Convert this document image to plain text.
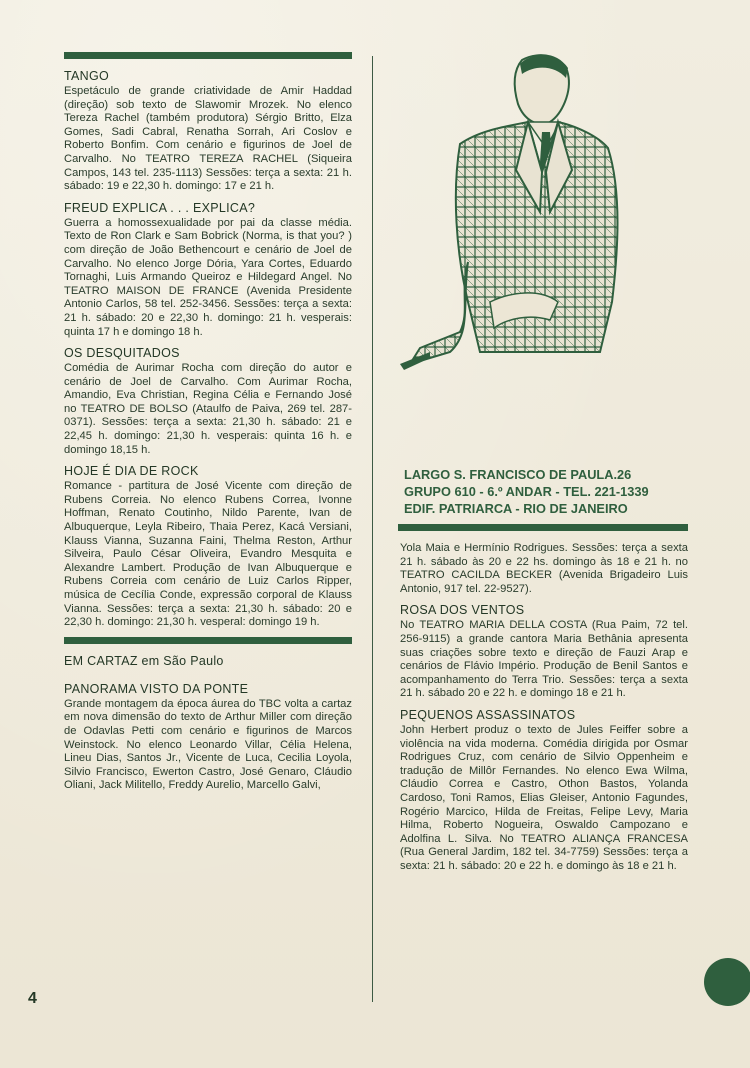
TANGO
Espetáculo de grande criatividade de Amir Haddad (direção) sob texto de Slawomir Mrozek. No elenco Tereza Rachel (também produtora) Sérgio Britto, Elza Gomes, Sadi Cabral, Renatha Sorrah, Ari Coslov e Roberto Bonfim. Com cenário e figurinos de Joel de Carvalho. No TEATRO TEREZA RACHEL (Siqueira Campos, 143 tel. 235-1113) Sessões: terça a sexta: 21 h. sábado: 19 e 22,30 h. domingo: 17 e 21 h.
FREUD EXPLICA . . . EXPLICA?
Guerra a homossexualidade por pai da classe média. Texto de Ron Clark e Sam Bobrick (Norma, is that you? ) com direção de João Bethencourt e cenário de Joel de Carvalho. No elenco Jorge Dória, Yara Cortes, Eduardo Tornaghi, Luis Armando Queiroz e Hildegard Angel. No TEATRO MAISON DE FRANCE (Avenida Presidente Antonio Carlos, 58 tel. 252-3456. Sessões: terça a sexta: 21 h. sábado: 20 e 22,30 h. domingo: 21 h. vesperais: quinta 17 h e domingo 18 h.
OS DESQUITADOS
Comédia de Aurimar Rocha com direção do autor e cenário de Joel de Carvalho. Com Aurimar Rocha, Amandio, Eva Christian, Regina Célia e Fernando José no TEATRO DE BOLSO (Ataulfo de Paiva, 269 tel. 287-0371). Sessões: terça a sexta: 21,30 h. sábado: 21 e 22,45 h. domingo: 21,30 h. vesperais: quinta 16 h. e domingo 18,15 h.
HOJE É DIA DE ROCK
Romance - partitura de José Vicente com direção de Rubens Correia. No elenco Rubens Correa, Ivonne Hoffman, Renato Coutinho, Nildo Parente, Ivan de Albuquerque, Leyla Ribeiro, Thaia Perez, Kacá Versiani, Klauss Vianna, Suzanna Faini, Thelma Reston, Arthur Silveira, Paulo César Oliveira, Evandro Mesquita e Alexandre Lambert. Produção de Ivan Albuquerque e Rubens Correia com cenário de Luiz Carlos Ripper, música de Cecília Conde, expressão corporal de Klauss Vianna. Sessões: terça a sexta: 21,30 h. sábado: 20 e 22,30 h. domingo: 21,30 h. vesperal: domingo 19 h.
EM CARTAZ em São Paulo
PANORAMA VISTO DA PONTE
Grande montagem da época áurea do TBC volta a cartaz em nova dimensão do texto de Arthur Miller com direção de Odavlas Petti com cenário e figurinos de Marcos Weinstock. No elenco Leonardo Villar, Célia Helena, Lineu Dias, Santos Jr., Vicente de Luca, Cecilia Loyola, Silvio Francisco, Ewerton Castro, José Genaro, Cláudio Oliani, Jack Militello, Freddy Aurelio, Marcello Galvi,
LARGO S. FRANCISCO DE PAULA.26
GRUPO 610 - 6.º ANDAR - TEL. 221-1339
EDIF. PATRIARCA - RIO DE JANEIRO
Yola Maia e Hermínio Rodrigues. Sessões: terça a sexta 21 h. sábado às 20 e 22 hs. domingo às 18 e 21 h. no TEATRO CACILDA BECKER (Avenida Brigadeiro Luis Antonio, 917 tel. 22-9527).
ROSA DOS VENTOS
No TEATRO MARIA DELLA COSTA (Rua Paim, 72 tel. 256-9115) a grande cantora Maria Bethânia apresenta suas criações sobre texto e direção de Fauzi Arap e cenários de Flávio Império. Produção de Benil Santos e acompanhamento do Terra Trio. Sessões: terça a sexta 21 h. sábado 20 e 22 h. e domingo 18 e 21 h.
PEQUENOS ASSASSINATOS
John Herbert produz o texto de Jules Feiffer sobre a violência na vida moderna. Comédia dirigida por Osmar Rodrigues Cruz, com cenário de Silvio Oppenheim e tradução de Millôr Fernandes. No elenco Ewa Wilma, Cláudio Correa e Castro, Othon Bastos, Yolanda Cardoso, Toni Ramos, Elias Gleiser, Antonio Fagundes, Rogério Marcico, Hilda de Freitas, Felipe Levy, Maria Hilma, Roberto Nogueira, Oswaldo Campozano e Adolfina L. Silva. No TEATRO ALIANÇA FRANCESA (Rua General Jardim, 182 tel. 34-7759) Sessões: terça a sexta: 21 h. sábado: 20 e 22 h. e domingo às 18 e 21 h.
4
